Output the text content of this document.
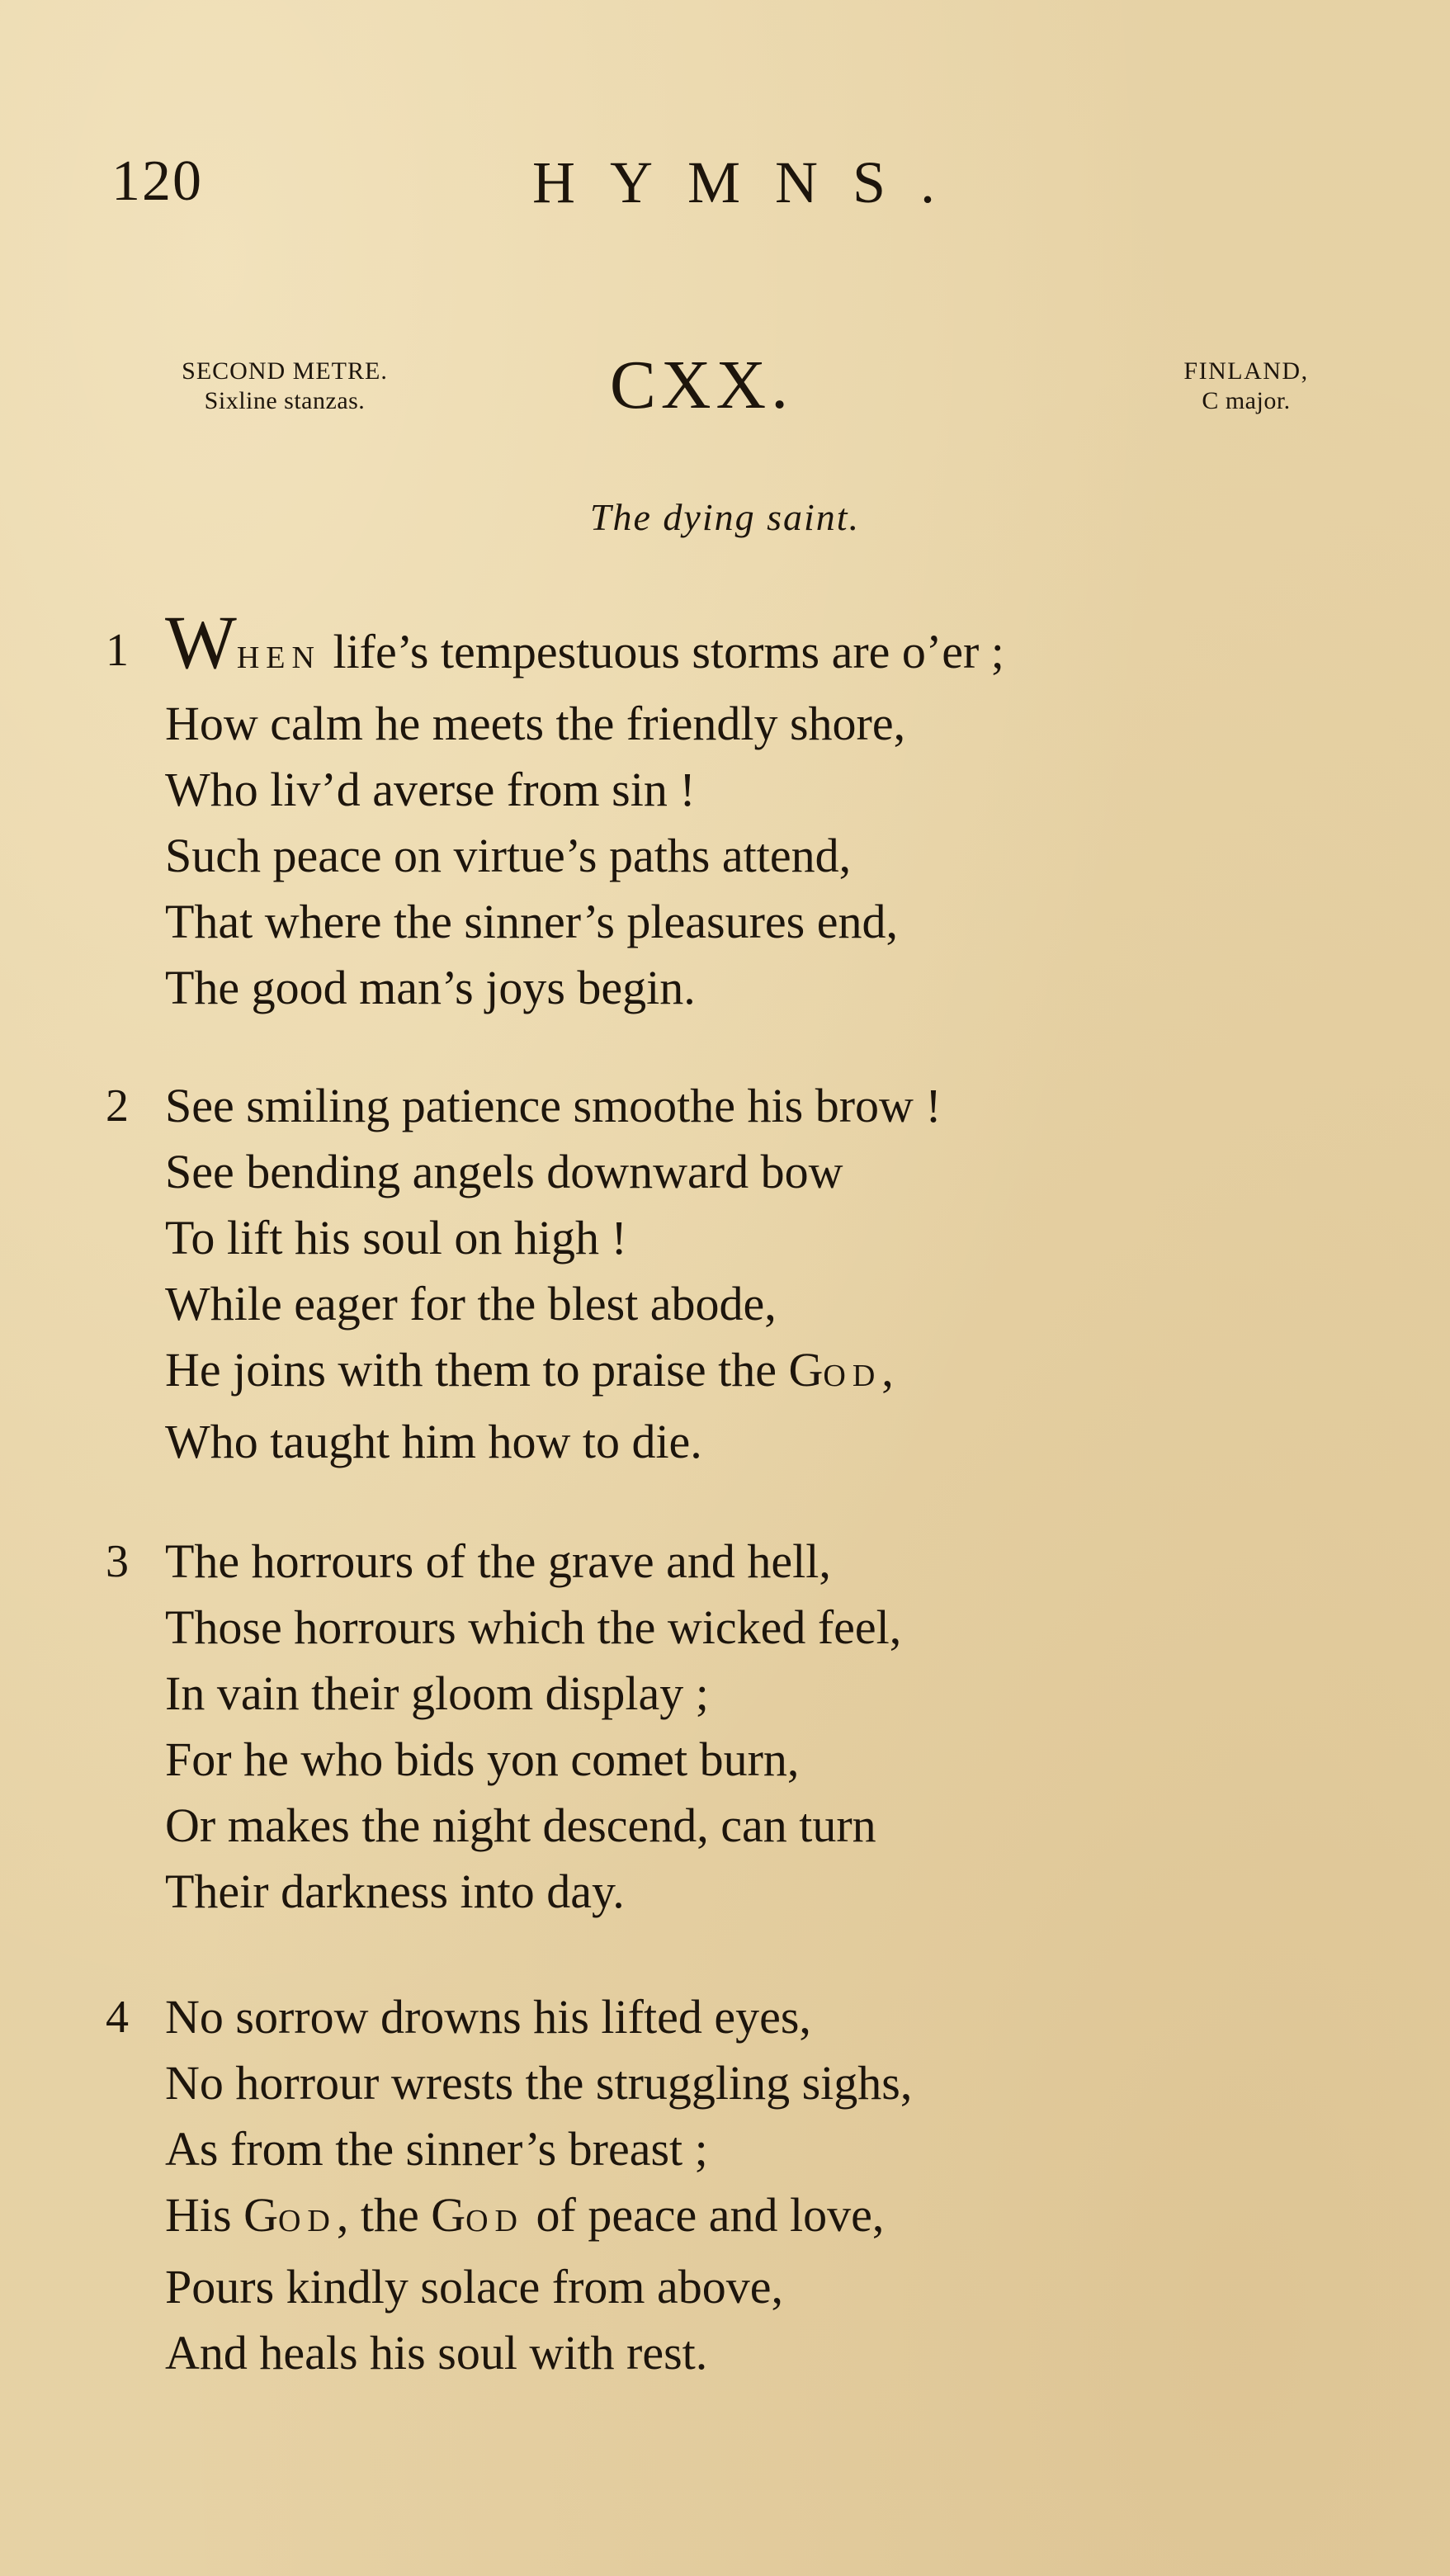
120	HYMNS.
SECOND METRE.
Sixline stanzas.	CXX.	FINLAND,
C major.
The dying saint.
1 WHEN life’s tempestuous storms are o’er ;
How calm he meets the friendly shore,
Who liv’d averse from sin !
Such peace on virtue’s paths attend,
That where the sinner’s pleasures end,
The good man’s joys begin.
2 See smiling patience smoothe his brow !
See bending angels downward bow
To lift his soul on high !
While eager for the blest abode,
He joins with them to praise the GOD,
Who taught him how to die.
3 The horrours of the grave and hell,
Those horrours which the wicked feel,
In vain their gloom display ;
For he who bids yon comet burn,
Or makes the night descend, can turn
Their darkness into day.
4 No sorrow drowns his lifted eyes,
No horrour wrests the struggling sighs,
As from the sinner’s breast ;
His GOD, the GOD of peace and love,
Pours kindly solace from above,
And heals his soul with rest.
